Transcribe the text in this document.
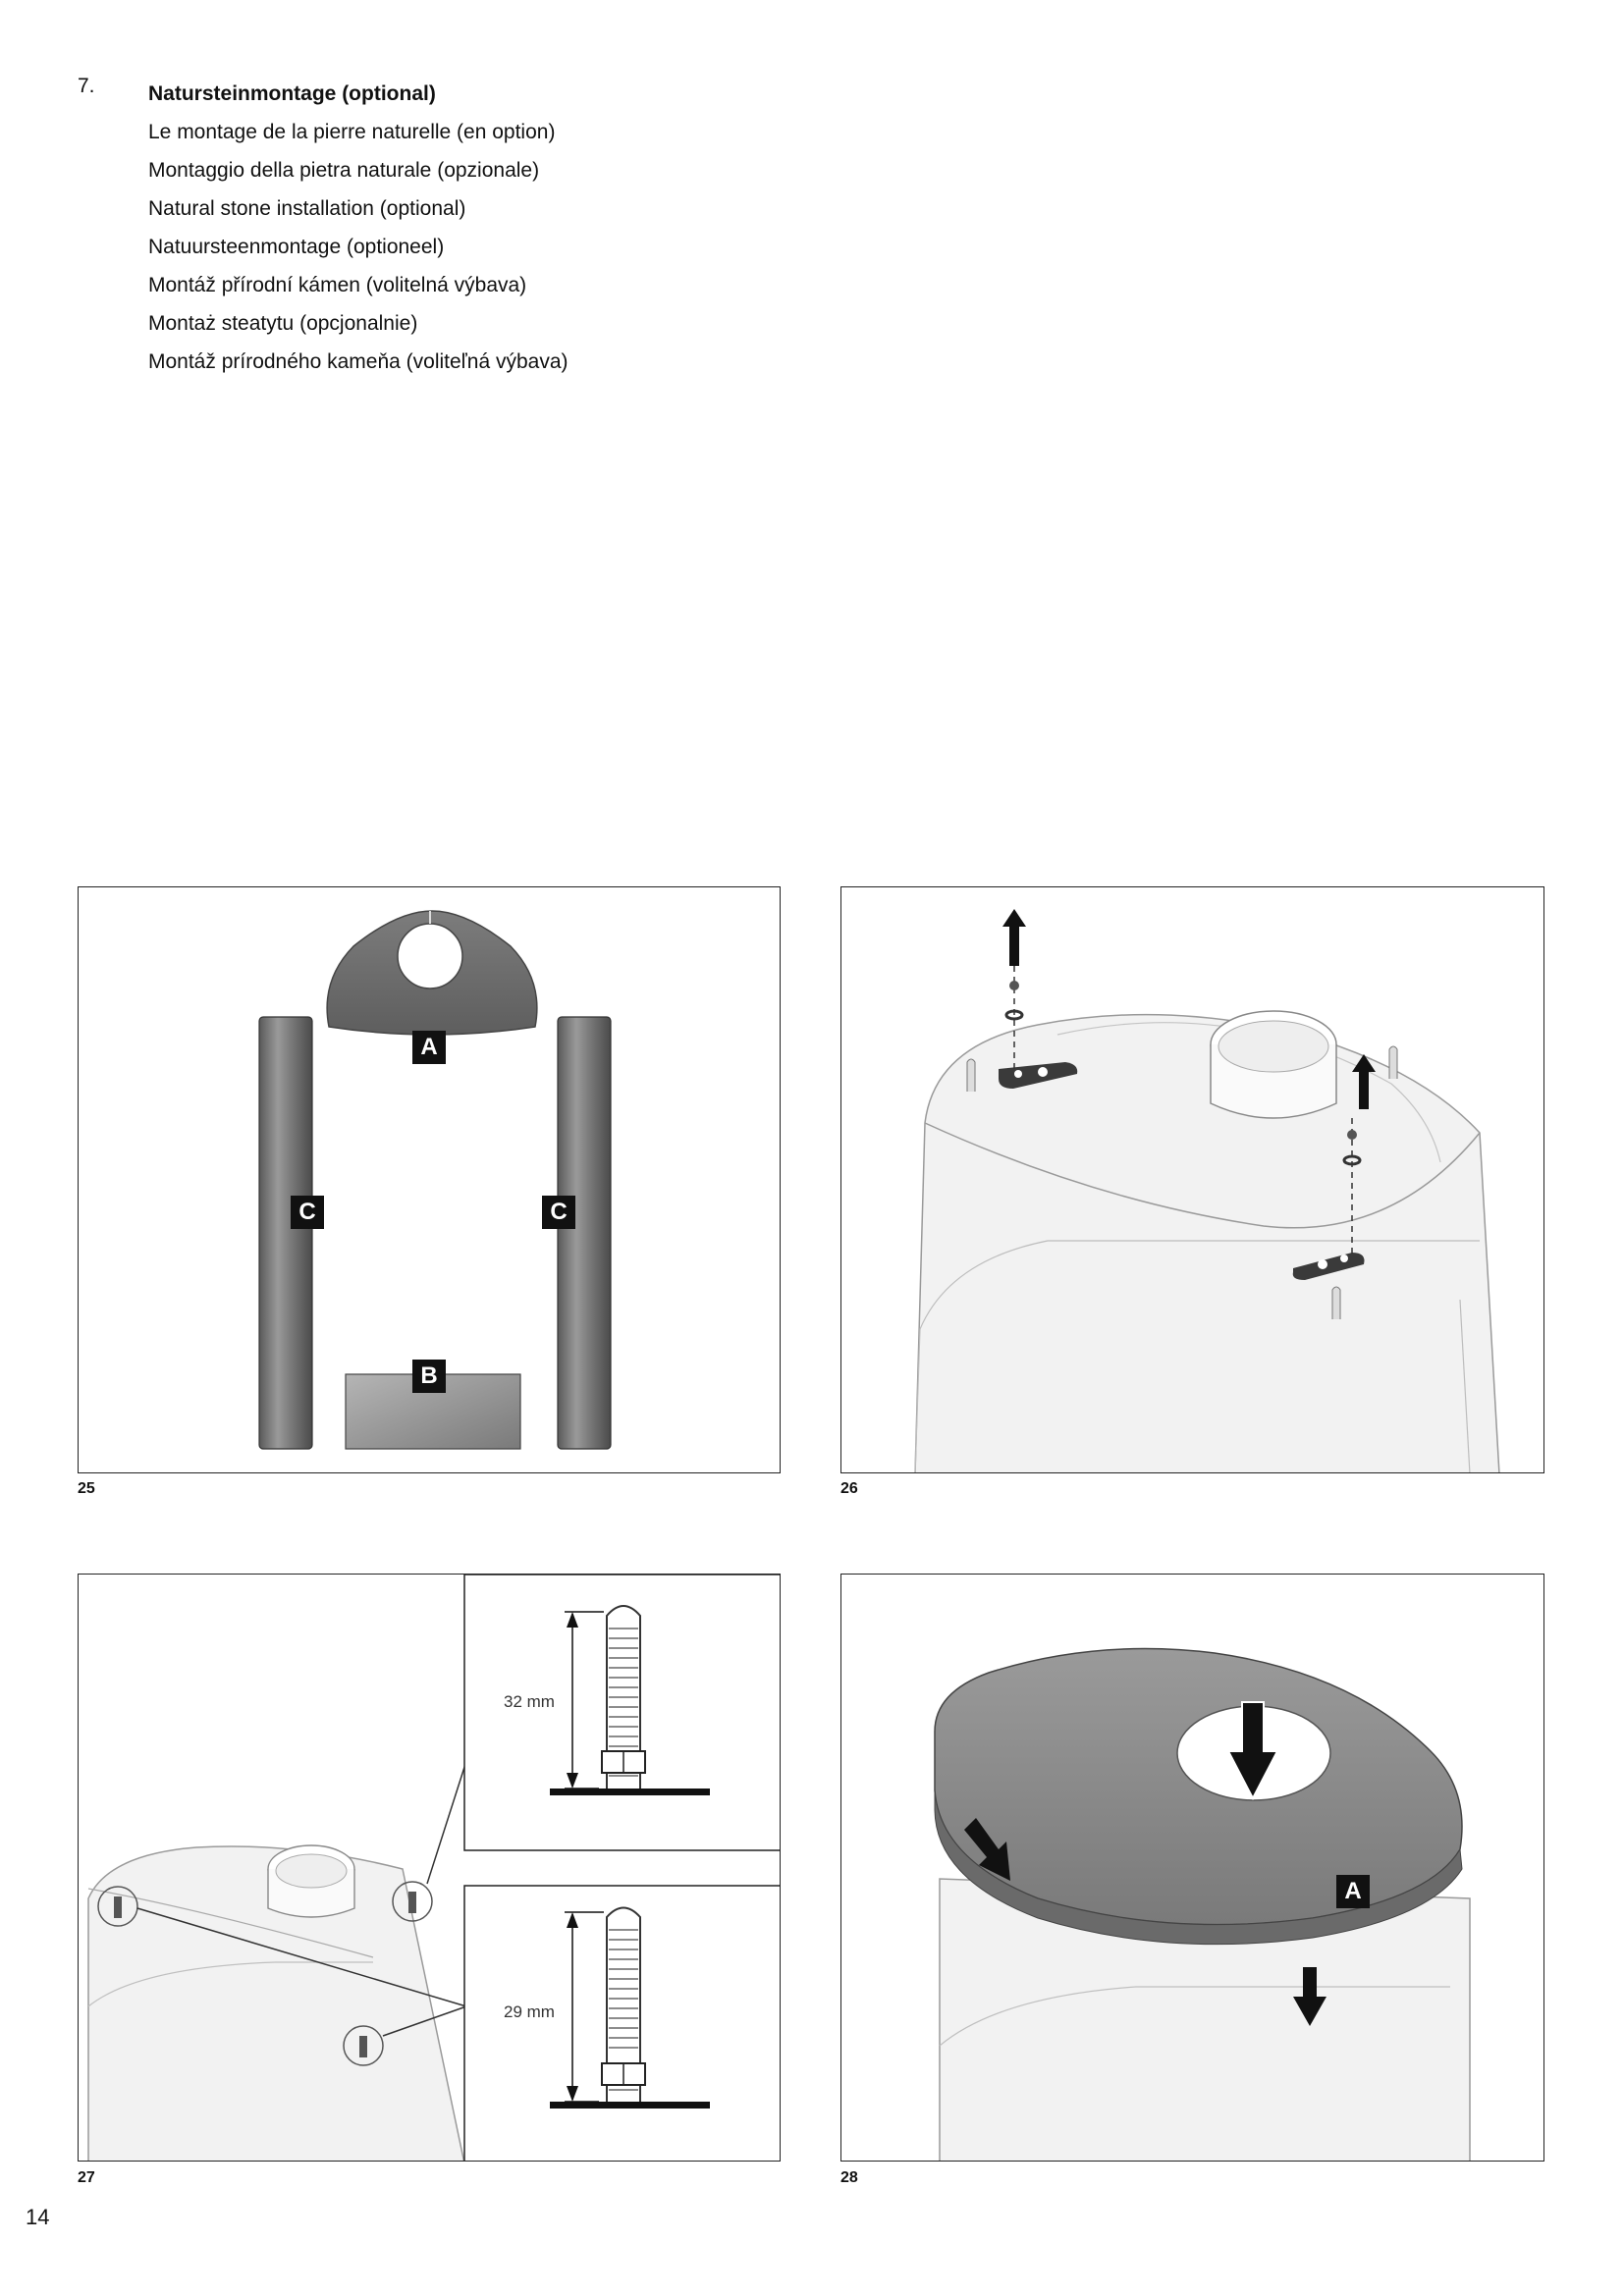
7.	Natursteinmontage (optional)
Le montage de la pierre naturelle (en option)
Montaggio della pietra naturale (opzionale)
Natural stone installation (optional)
Natuursteenmontage (optioneel)
Montáž přírodní kámen (volitelná výbava)
Montaż steatytu (opcjonalnie)
Montáž prírodného kameňa (voliteľná výbava)
A
C	C
B
25	26
32 mm
29 mm
27
A
28
14
